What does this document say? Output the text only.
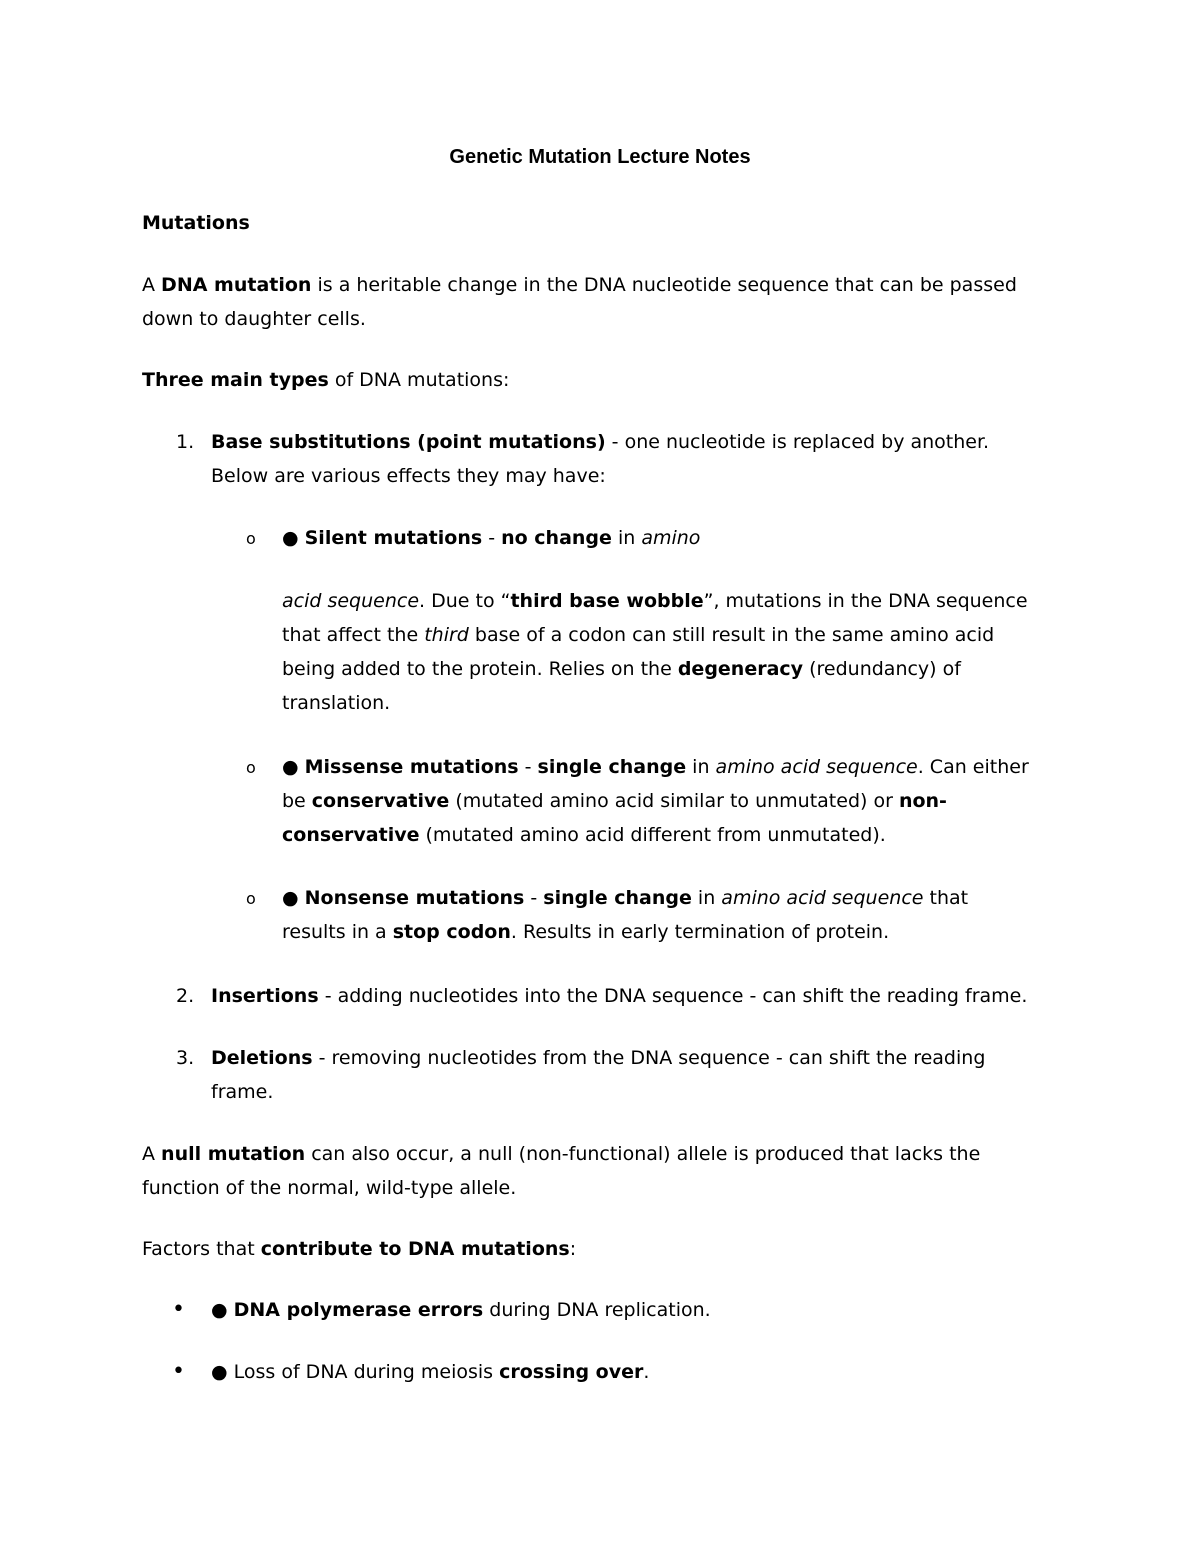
Genetic Mutation Lecture Notes
Mutations
A DNA mutation is a heritable change in the DNA nucleotide sequence that can be passed
down to daughter cells.
Three main types of DNA mutations:
1. Base substitutions (point mutations) - one nucleotide is replaced by another.
Below are various effects they may have:
o ● Silent mutations - no change in amino
acid sequence. Due to “third base wobble”, mutations in the DNA sequence
that affect the third base of a codon can still result in the same amino acid
being added to the protein. Relies on the degeneracy (redundancy) of
translation.
o ● Missense mutations - single change in amino acid sequence. Can either
be conservative (mutated amino acid similar to unmutated) or non-
conservative (mutated amino acid different from unmutated).
o ● Nonsense mutations - single change in amino acid sequence that
results in a stop codon. Results in early termination of protein.
2. Insertions - adding nucleotides into the DNA sequence - can shift the reading frame.
3. Deletions - removing nucleotides from the DNA sequence - can shift the reading
frame.
A null mutation can also occur, a null (non-functional) allele is produced that lacks the
function of the normal, wild-type allele.
Factors that contribute to DNA mutations:
• ● DNA polymerase errors during DNA replication.
• ● Loss of DNA during meiosis crossing over.
